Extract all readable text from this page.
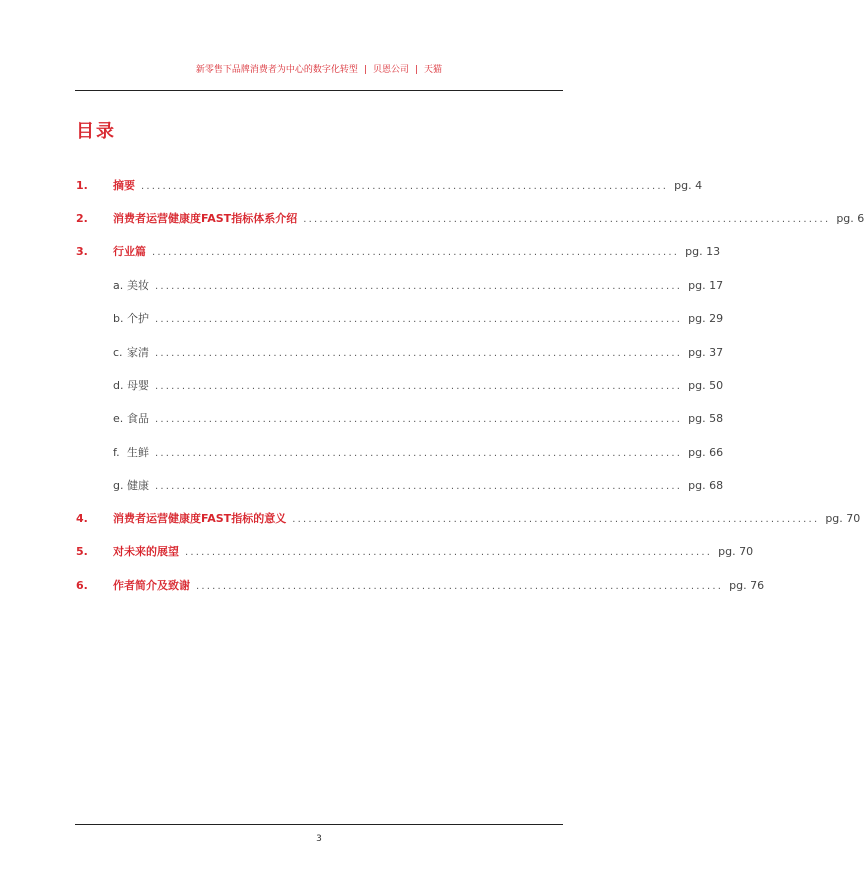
新零售下品牌消费者为中心的数字化转型 | 贝恩公司 | 天猫
目录
1.	摘要 .................................................................................................. pg. 4
2.	消费者运营健康度FAST指标体系介绍 .................................................................................................. pg. 6
3.	行业篇 .................................................................................................. pg. 13
a. 美妆 .................................................................................................. pg. 17
b. 个护 .................................................................................................. pg. 29
c. 家清 .................................................................................................. pg. 37
d. 母婴 .................................................................................................. pg. 50
e. 食品 .................................................................................................. pg. 58
f. 生鲜 .................................................................................................. pg. 66
g. 健康 .................................................................................................. pg. 68
4.	消费者运营健康度FAST指标的意义 .................................................................................................. pg. 70
5.	对未来的展望 .................................................................................................. pg. 70
6.	作者简介及致谢 .................................................................................................. pg. 76
3
